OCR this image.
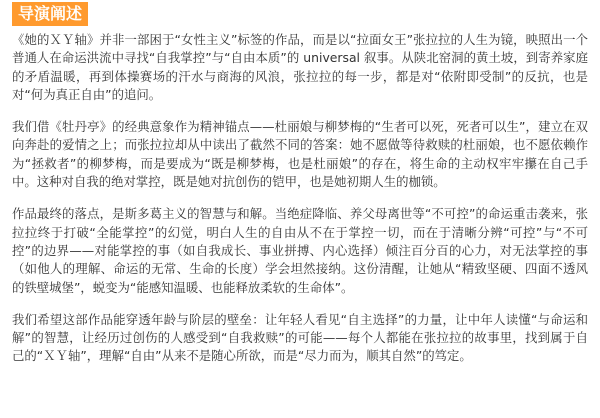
导演阐述

《她的ＸＹ轴》并非一部困于“女性主义”标签的作品，而是以“拉面女王”张拉拉的人生为镜，映照出一个普通人在命运洪流中寻找“自我掌控”与“自由本质”的 universal 叙事。从陕北窑洞的黄土坡，到寄养家庭的矛盾温暖，再到体操赛场的汗水与商海的风浪，张拉拉的每一步，都是对“依附即受制”的反抗，也是对“何为真正自由”的追问。

我们借《牡丹亭》的经典意象作为精神锚点——杜丽娘与柳梦梅的“生者可以死，死者可以生”，建立在双向奔赴的爱情之上；而张拉拉却从中读出了截然不同的答案：她不愿做等待救赎的杜丽娘，也不愿依赖作为“拯救者”的柳梦梅，而是要成为“既是柳梦梅，也是杜丽娘”的存在，将生命的主动权牢牢攥在自己手中。这种对自我的绝对掌控，既是她对抗创伤的铠甲，也是她初期人生的枷锁。

作品最终的落点，是斯多葛主义的智慧与和解。当绝症降临、养父母离世等“不可控”的命运重击袭来，张拉拉终于打破“全能掌控”的幻觉，明白人生的自由从不在于掌控一切，而在于清晰分辨“可控”与“不可控”的边界——对能掌控的事（如自我成长、事业拼搏、内心选择）倾注百分百的心力，对无法掌控的事（如他人的理解、命运的无常、生命的长度）学会坦然接纳。这份清醒，让她从“精致坚硬、四面不透风的铁壁城堡”，蜕变为“能感知温暖、也能释放柔软的生命体”。

我们希望这部作品能穿透年龄与阶层的壁垒：让年轻人看见“自主选择”的力量，让中年人读懂“与命运和解”的智慧，让经历过创伤的人感受到“自我救赎”的可能——每个人都能在张拉拉的故事里，找到属于自己的“ＸＹ轴”，理解“自由”从来不是随心所欲，而是“尽力而为，顺其自然”的笃定。
